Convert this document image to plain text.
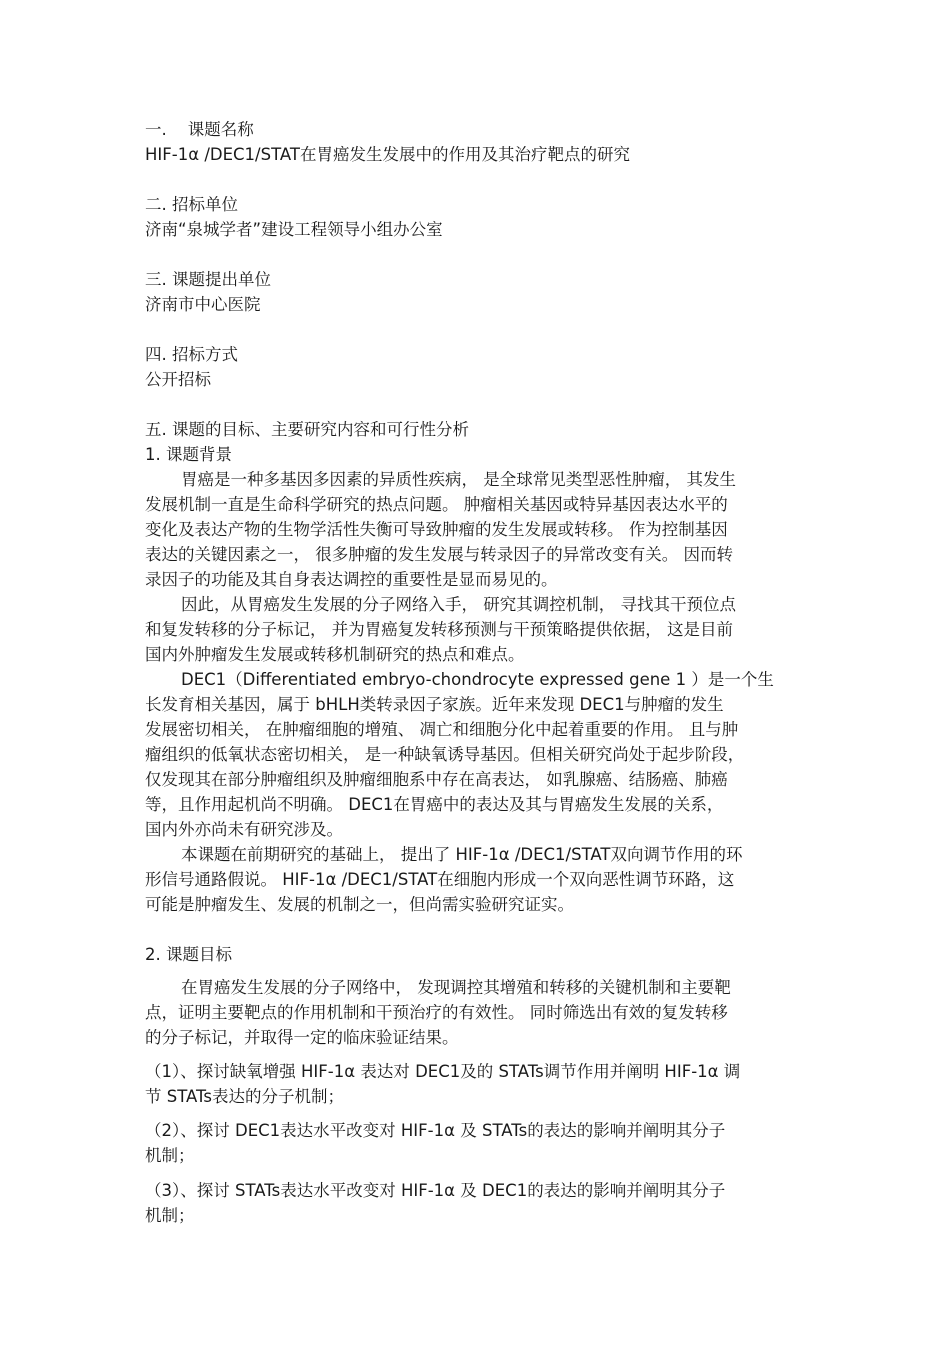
一.    课题名称
HIF-1α /DEC1/STAT在胃癌发生发展中的作用及其治疗靶点的研究
二. 招标单位
济南“泉城学者”建设工程领导小组办公室
三. 课题提出单位
济南市中心医院
四. 招标方式
公开招标
五. 课题的目标、主要研究内容和可行性分析
1. 课题背景
胃癌是一种多基因多因素的异质性疾病， 是全球常见类型恶性肿瘤， 其发生
发展机制一直是生命科学研究的热点问题。 肿瘤相关基因或特异基因表达水平的
变化及表达产物的生物学活性失衡可导致肿瘤的发生发展或转移。 作为控制基因
表达的关键因素之一， 很多肿瘤的发生发展与转录因子的异常改变有关。 因而转
录因子的功能及其自身表达调控的重要性是显而易见的。
因此，从胃癌发生发展的分子网络入手， 研究其调控机制， 寻找其干预位点
和复发转移的分子标记， 并为胃癌复发转移预测与干预策略提供依据， 这是目前
国内外肿瘤发生发展或转移机制研究的热点和难点。
DEC1（Differentiated embryo-chondrocyte expressed gene 1 ）是一个生
长发育相关基因，属于 bHLH类转录因子家族。近年来发现 DEC1与肿瘤的发生
发展密切相关， 在肿瘤细胞的增殖、 凋亡和细胞分化中起着重要的作用。 且与肿
瘤组织的低氧状态密切相关， 是一种缺氧诱导基因。但相关研究尚处于起步阶段，
仅发现其在部分肿瘤组织及肿瘤细胞系中存在高表达， 如乳腺癌、结肠癌、肺癌
等，且作用起机尚不明确。 DEC1在胃癌中的表达及其与胃癌发生发展的关系，
国内外亦尚未有研究涉及。
本课题在前期研究的基础上， 提出了 HIF-1α /DEC1/STAT双向调节作用的环
形信号通路假说。 HIF-1α /DEC1/STAT在细胞内形成一个双向恶性调节环路，这
可能是肿瘤发生、发展的机制之一，但尚需实验研究证实。
2. 课题目标
在胃癌发生发展的分子网络中， 发现调控其增殖和转移的关键机制和主要靶
点，证明主要靶点的作用机制和干预治疗的有效性。 同时筛选出有效的复发转移
的分子标记，并取得一定的临床验证结果。
（1）、探讨缺氧增强 HIF-1α 表达对 DEC1及的 STATs调节作用并阐明 HIF-1α 调
节 STATs表达的分子机制；
（2）、探讨 DEC1表达水平改变对 HIF-1α 及 STATs的表达的影响并阐明其分子
机制；
（3）、探讨 STATs表达水平改变对 HIF-1α 及 DEC1的表达的影响并阐明其分子
机制；
